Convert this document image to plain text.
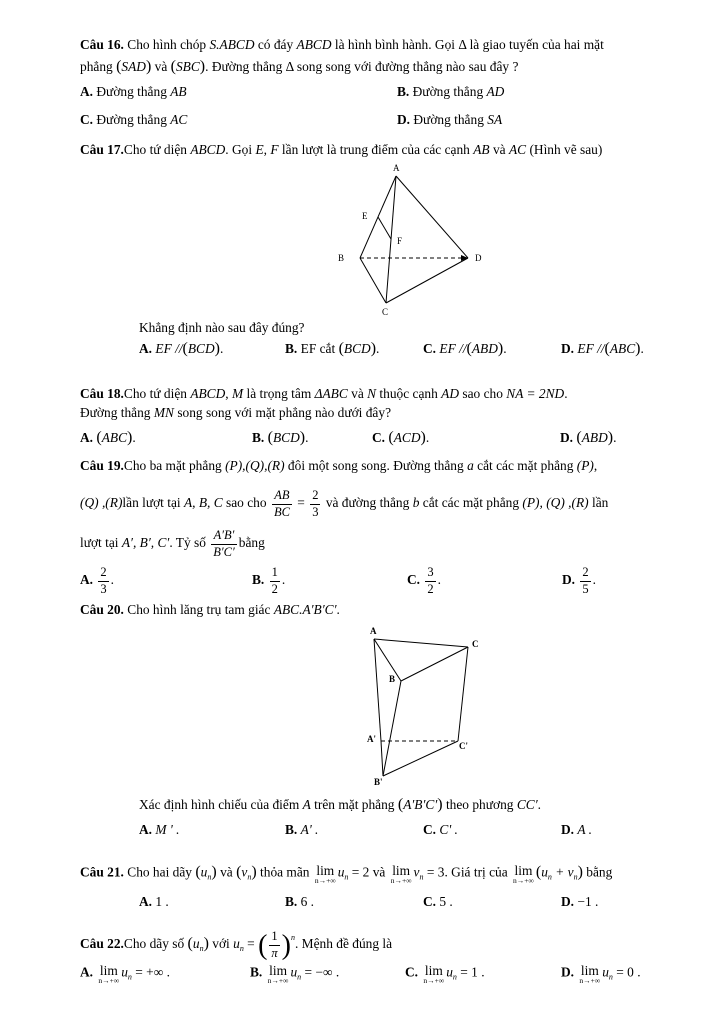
Câu 16. Cho hình chóp S.ABCD có đáy ABCD là hình bình hành. Gọi Δ là giao tuyến của hai mặt
phẳng (SAD) và (SBC). Đường thẳng Δ song song với đường thẳng nào sau đây ?
A. Đường thẳng AB	B. Đường thẳng AD
C. Đường thẳng AC	D. Đường thẳng SA
Câu 17.Cho tứ diện ABCD. Gọi E, F lần lượt là trung điểm của các cạnh AB và AC (Hình vẽ sau)
A
E
F
B	D
C
Khẳng định nào sau đây đúng?
A. EF //(BCD).	B. EF cắt (BCD).	C. EF //(ABD).	D. EF //(ABC).
Câu 18.Cho tứ diện ABCD, M là trọng tâm ΔABC và N thuộc cạnh AD sao cho NA = 2ND.
Đường thẳng MN song song với mặt phẳng nào dưới đây?
A. (ABC).	B. (BCD).	C. (ACD).	D. (ABD).
Câu 19.Cho ba mặt phẳng (P),(Q),(R) đôi một song song. Đường thẳng a cắt các mặt phẳng (P),
(Q) ,(R)lần lượt tại A, B, C sao cho $\frac{AB}{BC} = \frac{2}{3}$ và đường thẳng b cắt các mặt phẳng (P), (Q) ,(R) lần
lượt tại A′, B′, C′. Tỷ số $\frac{A'B'}{B'C'}$ bằng
A. $\frac{2}{3}$ .	B. $\frac{1}{2}$ .	C. $\frac{3}{2}$ .	D. $\frac{2}{5}$ .
Câu 20. Cho hình lăng trụ tam giác ABC.A′B′C′.
A
C
B
A'
C'
B'
Xác định hình chiếu của điểm A trên mặt phẳng (A′B′C′) theo phương CC′.
A. M ' .	B. A' .	C. C' .	D. A .
Câu 21. Cho hai dãy $(u_n)$ và $(v_n)$ thỏa mãn lim
n→+∞
$u_n = 2$ và lim
n→+∞
$v_n = 3$. Giá trị của lim
n→+∞
$(u_n + v_n)$ bằng
A. 1 .	B. 6 .	C. 5 .	D. −1 .
Câu 22.Cho dãy số $(u_n)$ với $u_n$ = ( $\frac{1}{\pi} )^n$. Mệnh đề đúng là
A. lim
n→+∞
$u_n$ = +∞ .	B. lim
n→+∞
$u_n$ = −∞ .	C. lim
n→+∞
$u_n = 1$ .	D. lim
n→+∞
$u_n = 0$ .
